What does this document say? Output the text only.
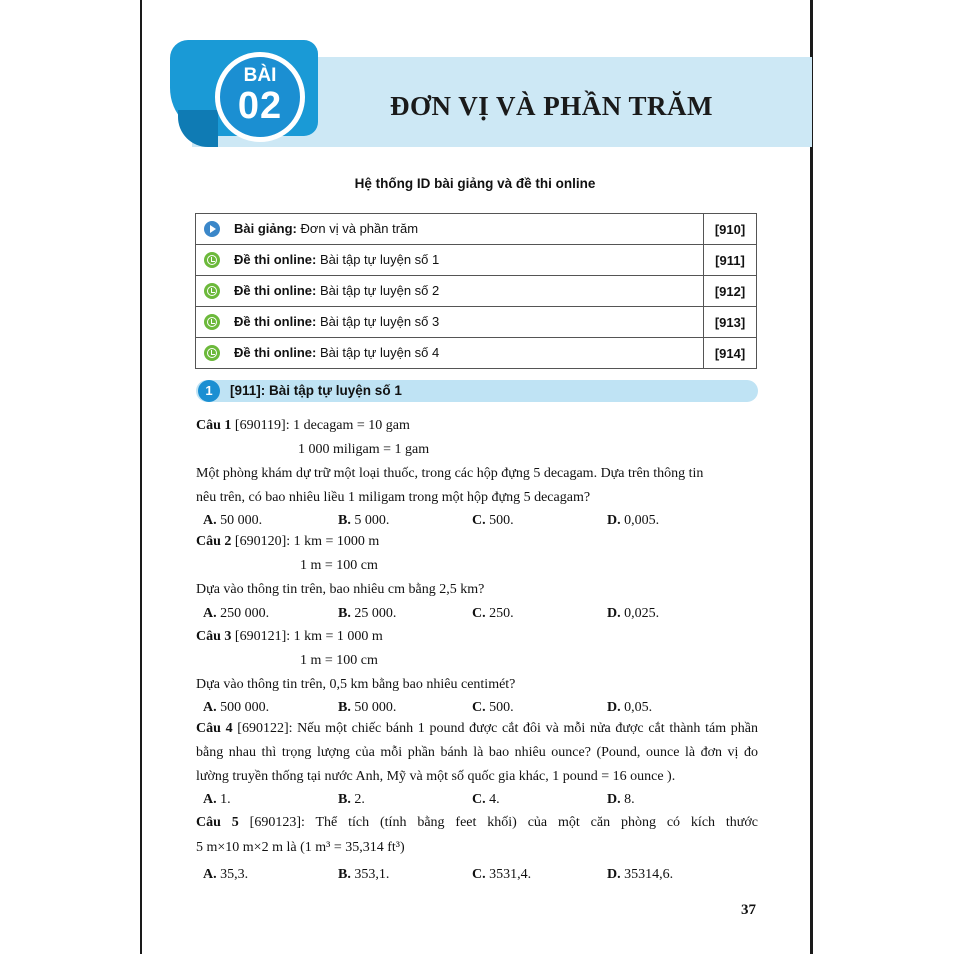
BÀI
02	ĐƠN VỊ VÀ PHẦN TRĂM
Hệ thống ID bài giảng và đề thi online
Bài giảng: Đơn vị và phần trăm	[910]
Đề thi online: Bài tập tự luyện số 1	[911]
Đề thi online: Bài tập tự luyện số 2	[912]
Đề thi online: Bài tập tự luyện số 3	[913]
Đề thi online: Bài tập tự luyện số 4	[914]
1	[911]: Bài tập tự luyện số 1
Câu 1 [690119]: 1 decagam = 10 gam
1 000 miligam = 1 gam
Một phòng khám dự trữ một loại thuốc, trong các hộp đựng 5 decagam. Dựa trên thông tin
nêu trên, có bao nhiêu liều 1 miligam trong một hộp đựng 5 decagam?
A. 50 000.	B. 5 000.	C. 500.	D. 0,005.
Câu 2 [690120]: 1 km = 1000 m
1 m = 100 cm
Dựa vào thông tin trên, bao nhiêu cm bằng 2,5 km?
A. 250 000.	B. 25 000.	C. 250.	D. 0,025.
Câu 3 [690121]: 1 km = 1 000 m
1 m = 100 cm
Dựa vào thông tin trên, 0,5 km bằng bao nhiêu centimét?
A. 500 000.	B. 50 000.	C. 500.	D. 0,05.
Câu 4 [690122]: Nếu một chiếc bánh 1 pound được cắt đôi và mỗi nửa được cắt thành tám phần
bằng nhau thì trọng lượng của mỗi phần bánh là bao nhiêu ounce? (Pound, ounce là đơn vị đo
lường truyền thống tại nước Anh, Mỹ và một số quốc gia khác, 1 pound = 16 ounce ).
A. 1.	B. 2.	C. 4.	D. 8.
Câu 5 [690123]: Thể tích (tính bằng feet khối) của một căn phòng có kích thước
5 m×10 m×2 m là (1 m³ = 35,314 ft³)
A. 35,3.	B. 353,1.	C. 3531,4.	D. 35314,6.
37
